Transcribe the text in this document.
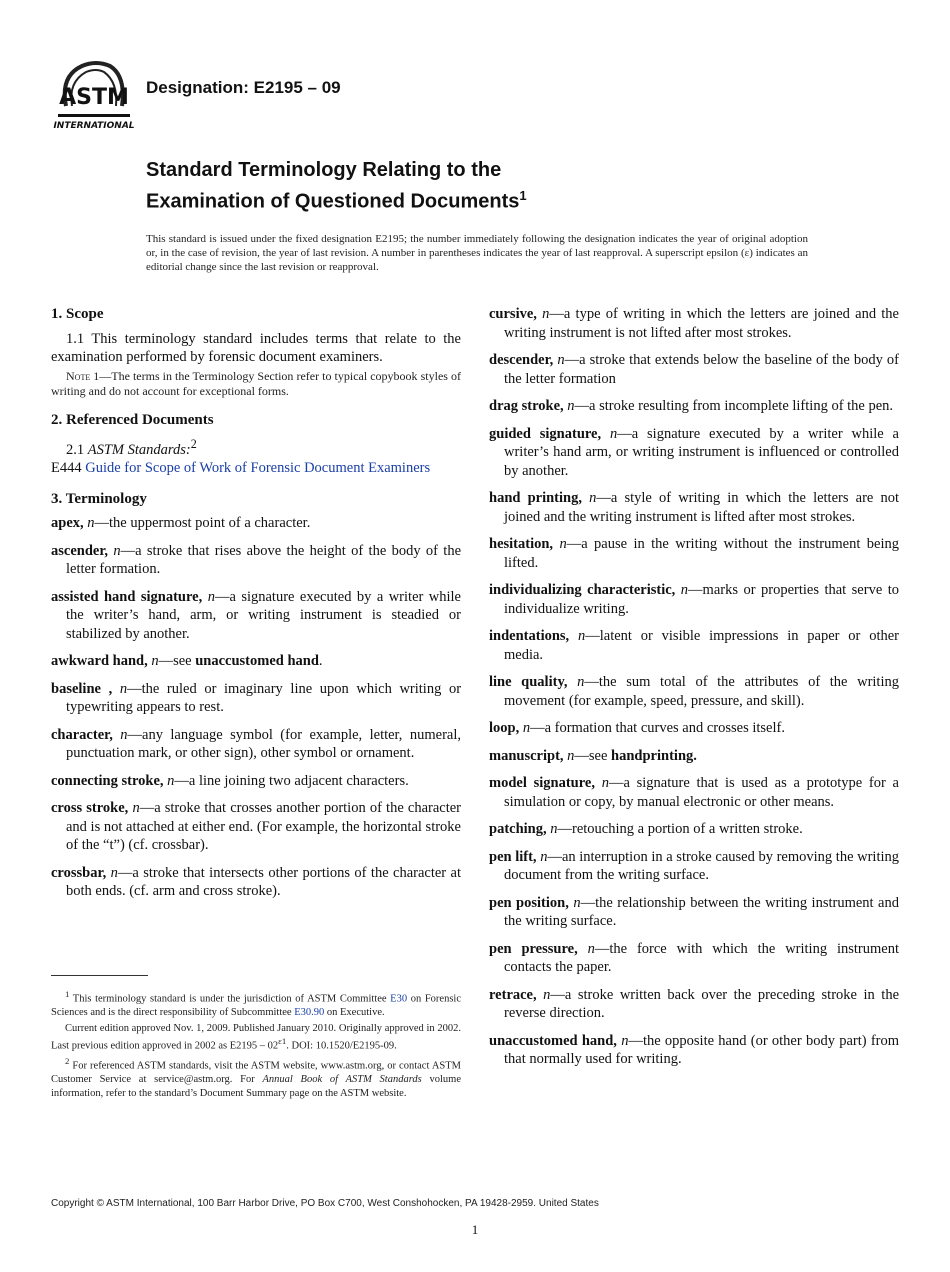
ASTM
INTERNATIONAL
Designation: E2195 – 09
Standard Terminology Relating to the
Examination of Questioned Documents$^1$
This standard is issued under the fixed designation E2195; the number immediately following the designation indicates the year of original adoption or, in the case of revision, the year of last revision. A number in parentheses indicates the year of last reapproval. A superscript epsilon (ε) indicates an editorial change since the last revision or reapproval.
1. Scope

1.1 This terminology standard includes terms that relate to the examination performed by forensic document examiners.

Note 1—The terms in the Terminology Section refer to typical copybook styles of writing and do not account for exceptional forms.

2. Referenced Documents

2.1 ASTM Standards:$^2$

E444 Guide for Scope of Work of Forensic Document Examiners

3. Terminology

apex, n—the uppermost point of a character.

ascender, n—a stroke that rises above the height of the body of the letter formation.

assisted hand signature, n—a signature executed by a writer while the writer’s hand, arm, or writing instrument is steadied or stabilized by another.

awkward hand, n—see unaccustomed hand.

baseline , n—the ruled or imaginary line upon which writing or typewriting appears to rest.

character, n—any language symbol (for example, letter, numeral, punctuation mark, or other sign), other symbol or ornament.

connecting stroke, n—a line joining two adjacent characters.

cross stroke, n—a stroke that crosses another portion of the character and is not attached at either end. (For example, the horizontal stroke of the “t”) (cf. crossbar).

crossbar, n—a stroke that intersects other portions of the character at both ends. (cf. arm and cross stroke).

cursive, n—a type of writing in which the letters are joined and the writing instrument is not lifted after most strokes.

descender, n—a stroke that extends below the baseline of the body of the letter formation

drag stroke, n—a stroke resulting from incomplete lifting of the pen.

guided signature, n—a signature executed by a writer while a writer’s hand arm, or writing instrument is influenced or controlled by another.

hand printing, n—a style of writing in which the letters are not joined and the writing instrument is lifted after most strokes.

hesitation, n—a pause in the writing without the instrument being lifted.

individualizing characteristic, n—marks or properties that serve to individualize writing.

indentations, n—latent or visible impressions in paper or other media.

line quality, n—the sum total of the attributes of the writing movement (for example, speed, pressure, and skill).

loop, n—a formation that curves and crosses itself.

manuscript, n—see handprinting.

model signature, n—a signature that is used as a prototype for a simulation or copy, by manual electronic or other means.

patching, n—retouching a portion of a written stroke.

pen lift, n—an interruption in a stroke caused by removing the writing document from the writing surface.

pen position, n—the relationship between the writing instrument and the writing surface.

pen pressure, n—the force with which the writing instrument contacts the paper.

retrace, n—a stroke written back over the preceding stroke in the reverse direction.

unaccustomed hand, n—the opposite hand (or other body part) from that normally used for writing.

$^1$ This terminology standard is under the jurisdiction of ASTM Committee E30 on Forensic Sciences and is the direct responsibility of Subcommittee E30.90 on Executive.

Current edition approved Nov. 1, 2009. Published January 2010. Originally approved in 2002. Last previous edition approved in 2002 as $E2195 - 02^{\varepsilon 1}$. DOI: 10.1520/E2195-09.

$^2$ For referenced ASTM standards, visit the ASTM website, www.astm.org, or contact ASTM Customer Service at service@astm.org. For Annual Book of ASTM Standards volume information, refer to the standard’s Document Summary page on the ASTM website.

Copyright © ASTM International, 100 Barr Harbor Drive, PO Box C700, West Conshohocken, PA 19428-2959. United States
1
